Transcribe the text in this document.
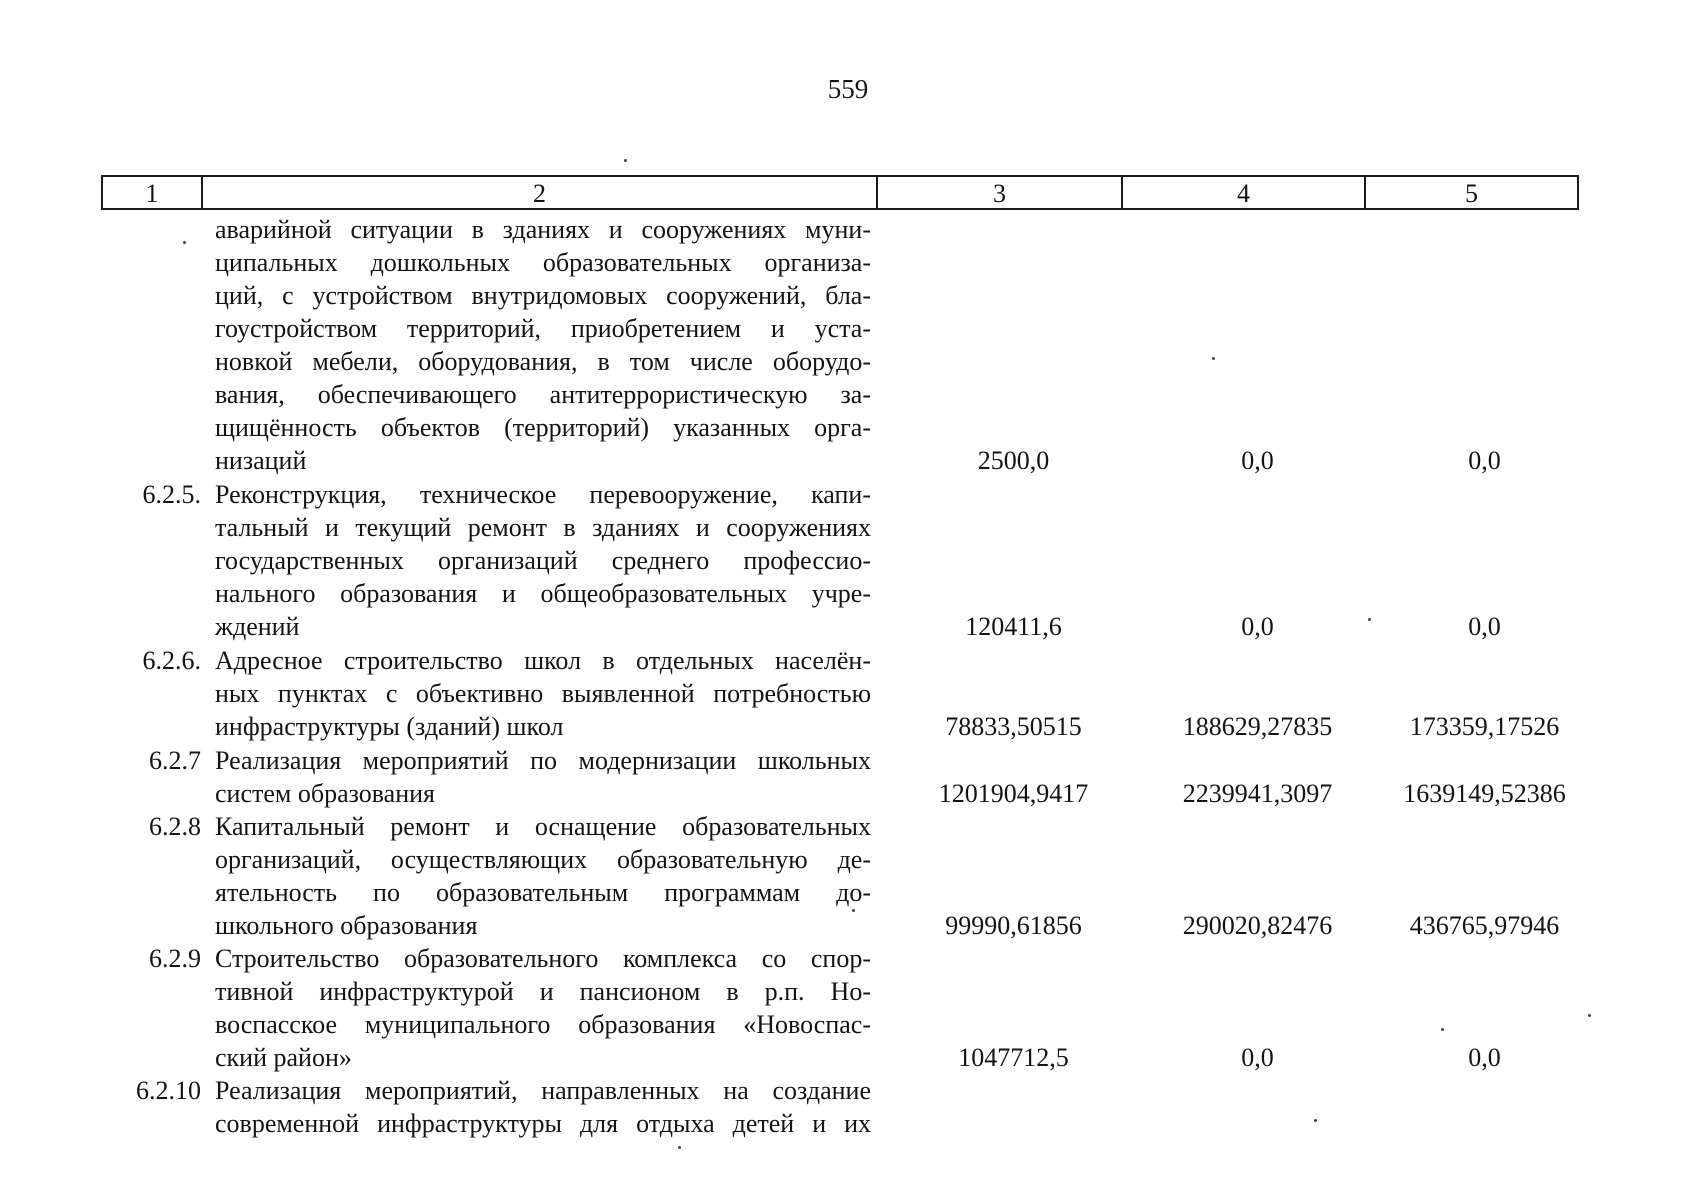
559
1	2	3	4	5
аварийной ситуации в зданиях и сооружениях муни-
ципальных дошкольных образовательных организа-
ций, с устройством внутридомовых сооружений, бла-
гоустройством территорий, приобретением и уста-
новкой мебели, оборудования, в том числе оборудо-
вания, обеспечивающего антитеррористическую за-
щищённость объектов (территорий) указанных орга-
низаций	2500,0	0,0	0,0
6.2.5. Реконструкция, техническое перевооружение, капи-
тальный и текущий ремонт в зданиях и сооружениях
государственных организаций среднего профессио-
нального образования и общеобразовательных учре-
ждений	120411,6	0,0	0,0
6.2.6. Адресное строительство школ в отдельных населён-
ных пунктах с объективно выявленной потребностью
инфраструктуры (зданий) школ	78833,50515	188629,27835	173359,17526
6.2.7 Реализация мероприятий по модернизации школьных
систем образования	1201904,9417	2239941,3097	1639149,52386
6.2.8 Капитальный ремонт и оснащение образовательных
организаций, осуществляющих образовательную де-
ятельность по образовательным программам до-
школьного образования	99990,61856	290020,82476	436765,97946
6.2.9 Строительство образовательного комплекса со спор-
тивной инфраструктурой и пансионом в р.п. Но-
воспасское муниципального образования «Новоспас-
ский район»	1047712,5	0,0	0,0
6.2.10 Реализация мероприятий, направленных на создание
современной инфраструктуры для отдыха детей и их
